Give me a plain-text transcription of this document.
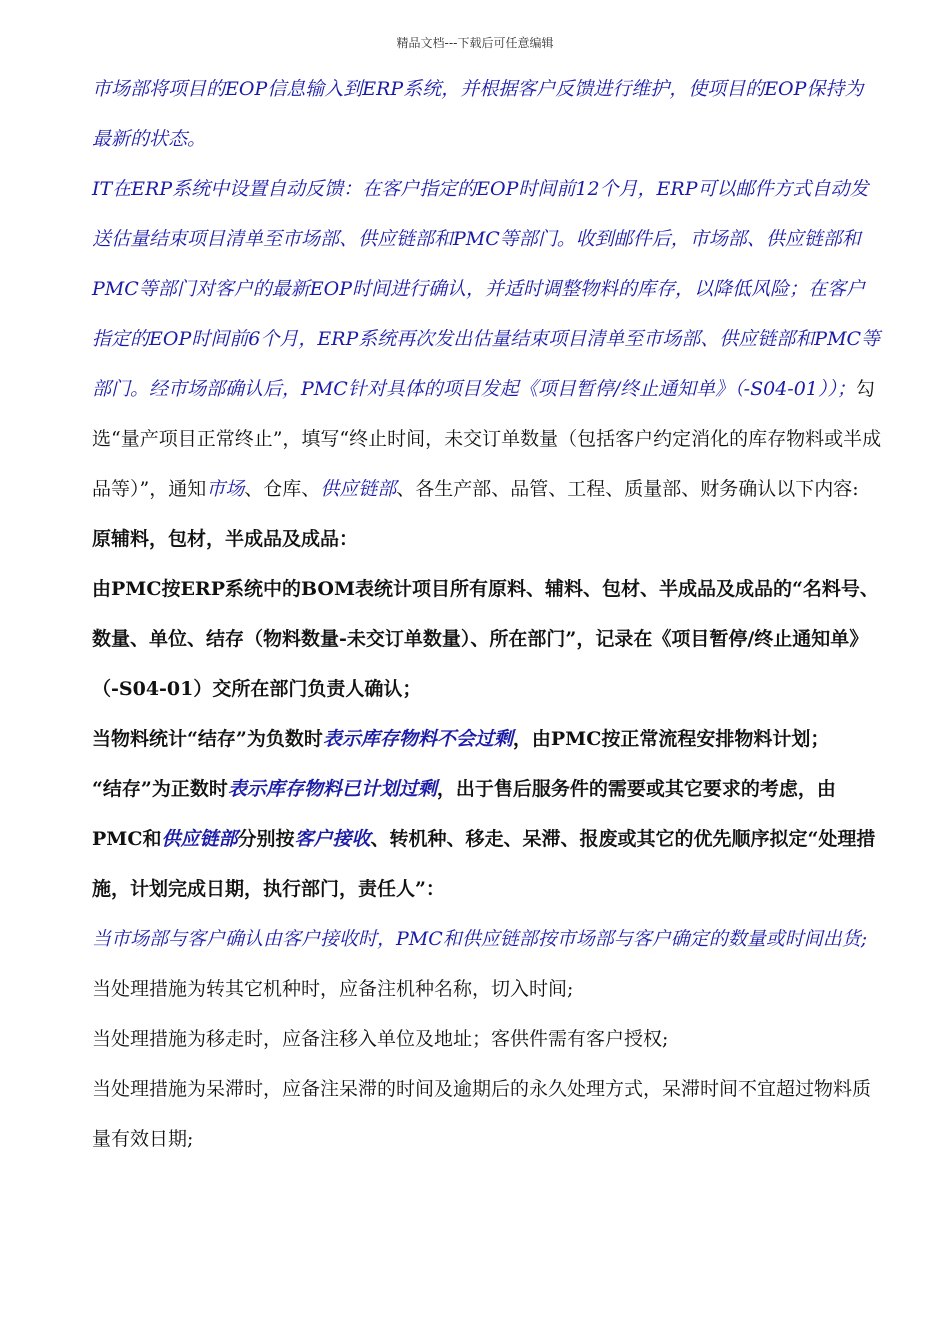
精品文档---下载后可任意编辑

市场部将项目的EOP信息输入到ERP系统，并根据客户反馈进行维护，使项目的EOP保持为最新的状态。

IT在ERP系统中设置自动反馈：在客户指定的EOP时间前12个月，ERP可以邮件方式自动发送估量结束项目清单至市场部、供应链部和PMC等部门。收到邮件后，市场部、供应链部和PMC等部门对客户的最新EOP时间进行确认，并适时调整物料的库存，以降低风险；在客户指定的EOP时间前6个月，ERP系统再次发出估量结束项目清单至市场部、供应链部和PMC等部门。经市场部确认后，PMC针对具体的项目发起《项目暂停/终止通知单》（-S04-01））；勾选“量产项目正常终止”，填写“终止时间，未交订单数量（包括客户约定消化的库存物料或半成品等）”，通知市场、仓库、供应链部、各生产部、品管、工程、质量部、财务确认以下内容:

原辅料，包材，半成品及成品：

由PMC按ERP系统中的BOM表统计项目所有原料、辅料、包材、半成品及成品的“名料号、数量、单位、结存（物料数量-未交订单数量）、所在部门”，记录在《项目暂停/终止通知单》（-S04-01）交所在部门负责人确认；

当物料统计“结存”为负数时表示库存物料不会过剩，由PMC按正常流程安排物料计划；

“结存”为正数时表示库存物料已计划过剩，出于售后服务件的需要或其它要求的考虑，由PMC和供应链部分别按客户接收、转机种、移走、呆滞、报废或其它的优先顺序拟定“处理措施，计划完成日期，执行部门，责任人”：

当市场部与客户确认由客户接收时，PMC和供应链部按市场部与客户确定的数量或时间出货;

当处理措施为转其它机种时，应备注机种名称，切入时间;

当处理措施为移走时，应备注移入单位及地址；客供件需有客户授权;

当处理措施为呆滞时，应备注呆滞的时间及逾期后的永久处理方式，呆滞时间不宜超过物料质量有效日期;
